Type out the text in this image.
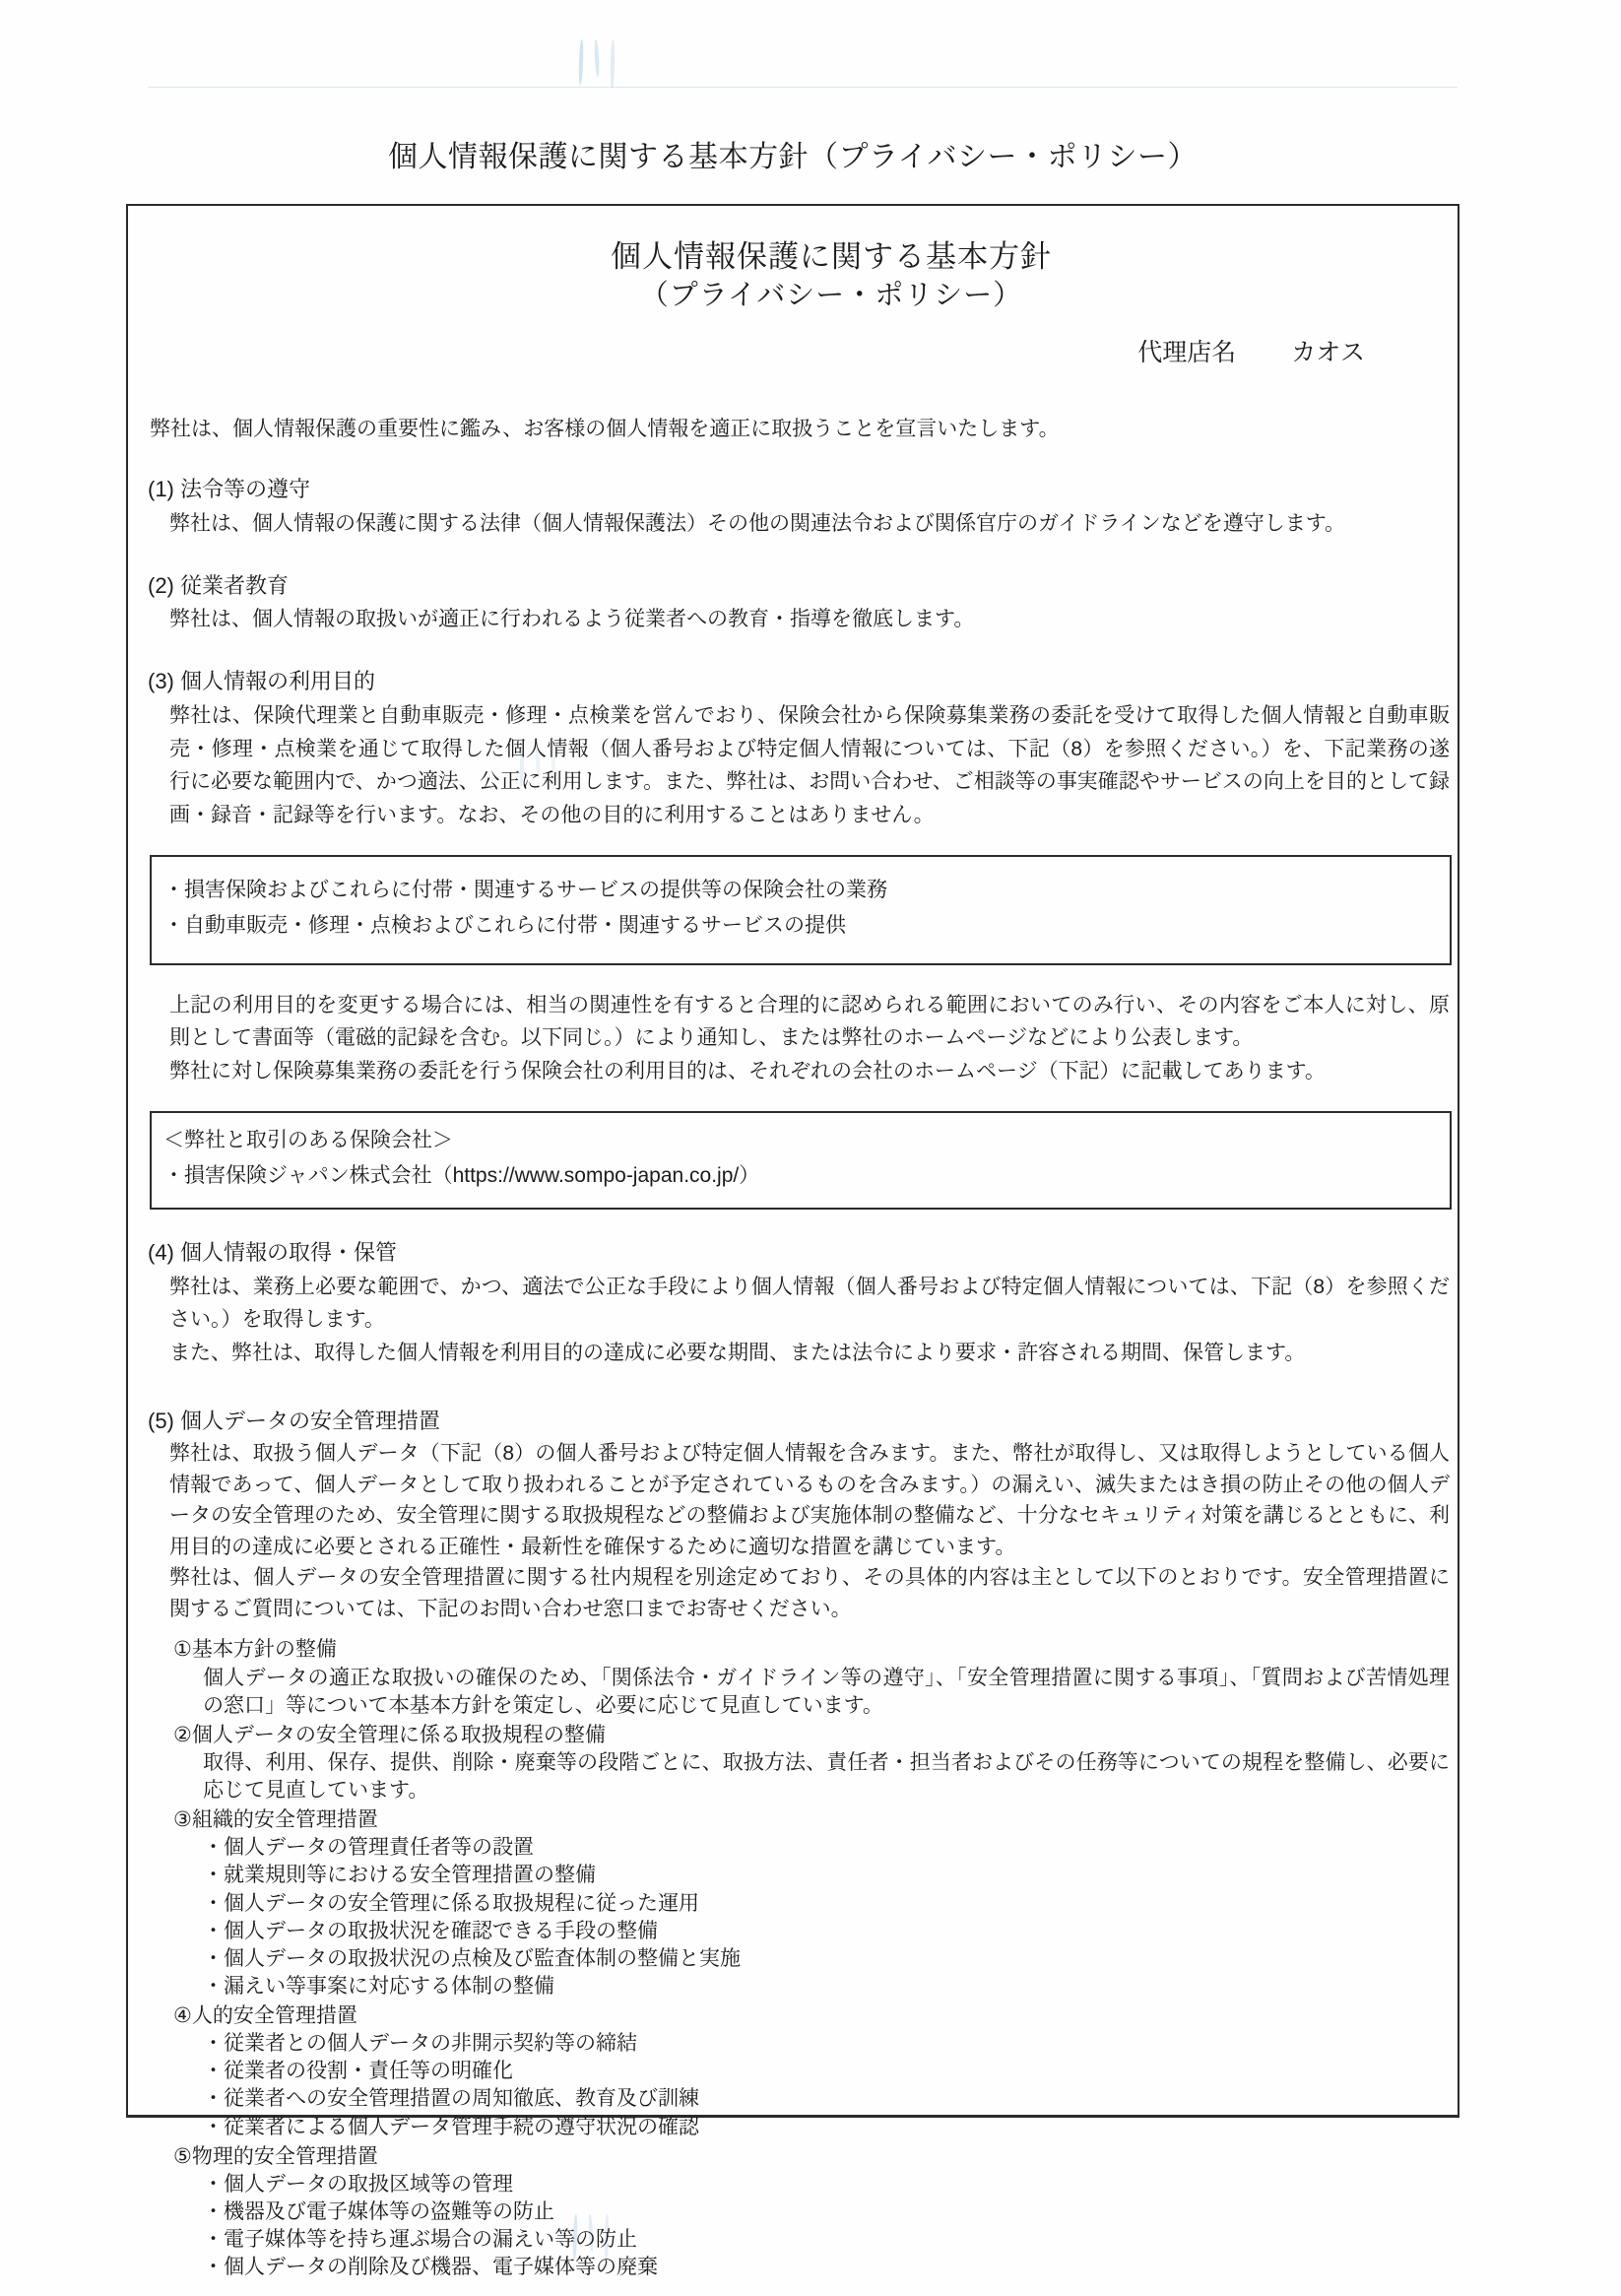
個人情報保護に関する基本方針（プライバシー・ポリシー）
個人情報保護に関する基本方針
（プライバシー・ポリシー）
代理店名 カオス
弊社は、個人情報保護の重要性に鑑み、お客様の個人情報を適正に取扱うことを宣言いたします。
(1) 法令等の遵守

弊社は、個人情報の保護に関する法律（個人情報保護法）その他の関連法令および関係官庁のガイドラインなどを遵守します。

(2) 従業者教育

弊社は、個人情報の取扱いが適正に行われるよう従業者への教育・指導を徹底します。

(3) 個人情報の利用目的

弊社は、保険代理業と自動車販売・修理・点検業を営んでおり、保険会社から保険募集業務の委託を受けて取得した個人情報と自動車販売・修理・点検業を通じて取得した個人情報（個人番号および特定個人情報については、下記（8）を参照ください。）を、下記業務の遂行に必要な範囲内で、かつ適法、公正に利用します。また、弊社は、お問い合わせ、ご相談等の事実確認やサービスの向上を目的として録画・録音・記録等を行います。なお、その他の目的に利用することはありません。

・損害保険およびこれらに付帯・関連するサービスの提供等の保険会社の業務
・自動車販売・修理・点検およびこれらに付帯・関連するサービスの提供

上記の利用目的を変更する場合には、相当の関連性を有すると合理的に認められる範囲においてのみ行い、その内容をご本人に対し、原則として書面等（電磁的記録を含む。以下同じ。）により通知し、または弊社のホームページなどにより公表します。

弊社に対し保険募集業務の委託を行う保険会社の利用目的は、それぞれの会社のホームページ（下記）に記載してあります。

＜弊社と取引のある保険会社＞
・損害保険ジャパン株式会社（https://www.sompo-japan.co.jp/）
(4) 個人情報の取得・保管

弊社は、業務上必要な範囲で、かつ、適法で公正な手段により個人情報（個人番号および特定個人情報については、下記（8）を参照ください。）を取得します。

また、弊社は、取得した個人情報を利用目的の達成に必要な期間、または法令により要求・許容される期間、保管します。

(5) 個人データの安全管理措置

弊社は、取扱う個人データ（下記（8）の個人番号および特定個人情報を含みます。また、幣社が取得し、又は取得しようとしている個人情報であって、個人データとして取り扱われることが予定されているものを含みます。）の漏えい、滅失またはき損の防止その他の個人データの安全管理のため、安全管理に関する取扱規程などの整備および実施体制の整備など、十分なセキュリティ対策を講じるとともに、利用目的の達成に必要とされる正確性・最新性を確保するために適切な措置を講じています。

弊社は、個人データの安全管理措置に関する社内規程を別途定めており、その具体的内容は主として以下のとおりです。安全管理措置に関するご質問については、下記のお問い合わせ窓口までお寄せください。

①基本方針の整備
個人データの適正な取扱いの確保のため、「関係法令・ガイドライン等の遵守」、「安全管理措置に関する事項」、「質問および苦情処理の窓口」等について本基本方針を策定し、必要に応じて見直しています。
②個人データの安全管理に係る取扱規程の整備
取得、利用、保存、提供、削除・廃棄等の段階ごとに、取扱方法、責任者・担当者およびその任務等についての規程を整備し、必要に応じて見直しています。
③組織的安全管理措置
・個人データの管理責任者等の設置
・就業規則等における安全管理措置の整備
・個人データの安全管理に係る取扱規程に従った運用
・個人データの取扱状況を確認できる手段の整備
・個人データの取扱状況の点検及び監査体制の整備と実施
・漏えい等事案に対応する体制の整備
④人的安全管理措置
・従業者との個人データの非開示契約等の締結
・従業者の役割・責任等の明確化
・従業者への安全管理措置の周知徹底、教育及び訓練
・従業者による個人データ管理手続の遵守状況の確認
⑤物理的安全管理措置
・個人データの取扱区域等の管理
・機器及び電子媒体等の盗難等の防止
・電子媒体等を持ち運ぶ場合の漏えい等の防止
・個人データの削除及び機器、電子媒体等の廃棄
